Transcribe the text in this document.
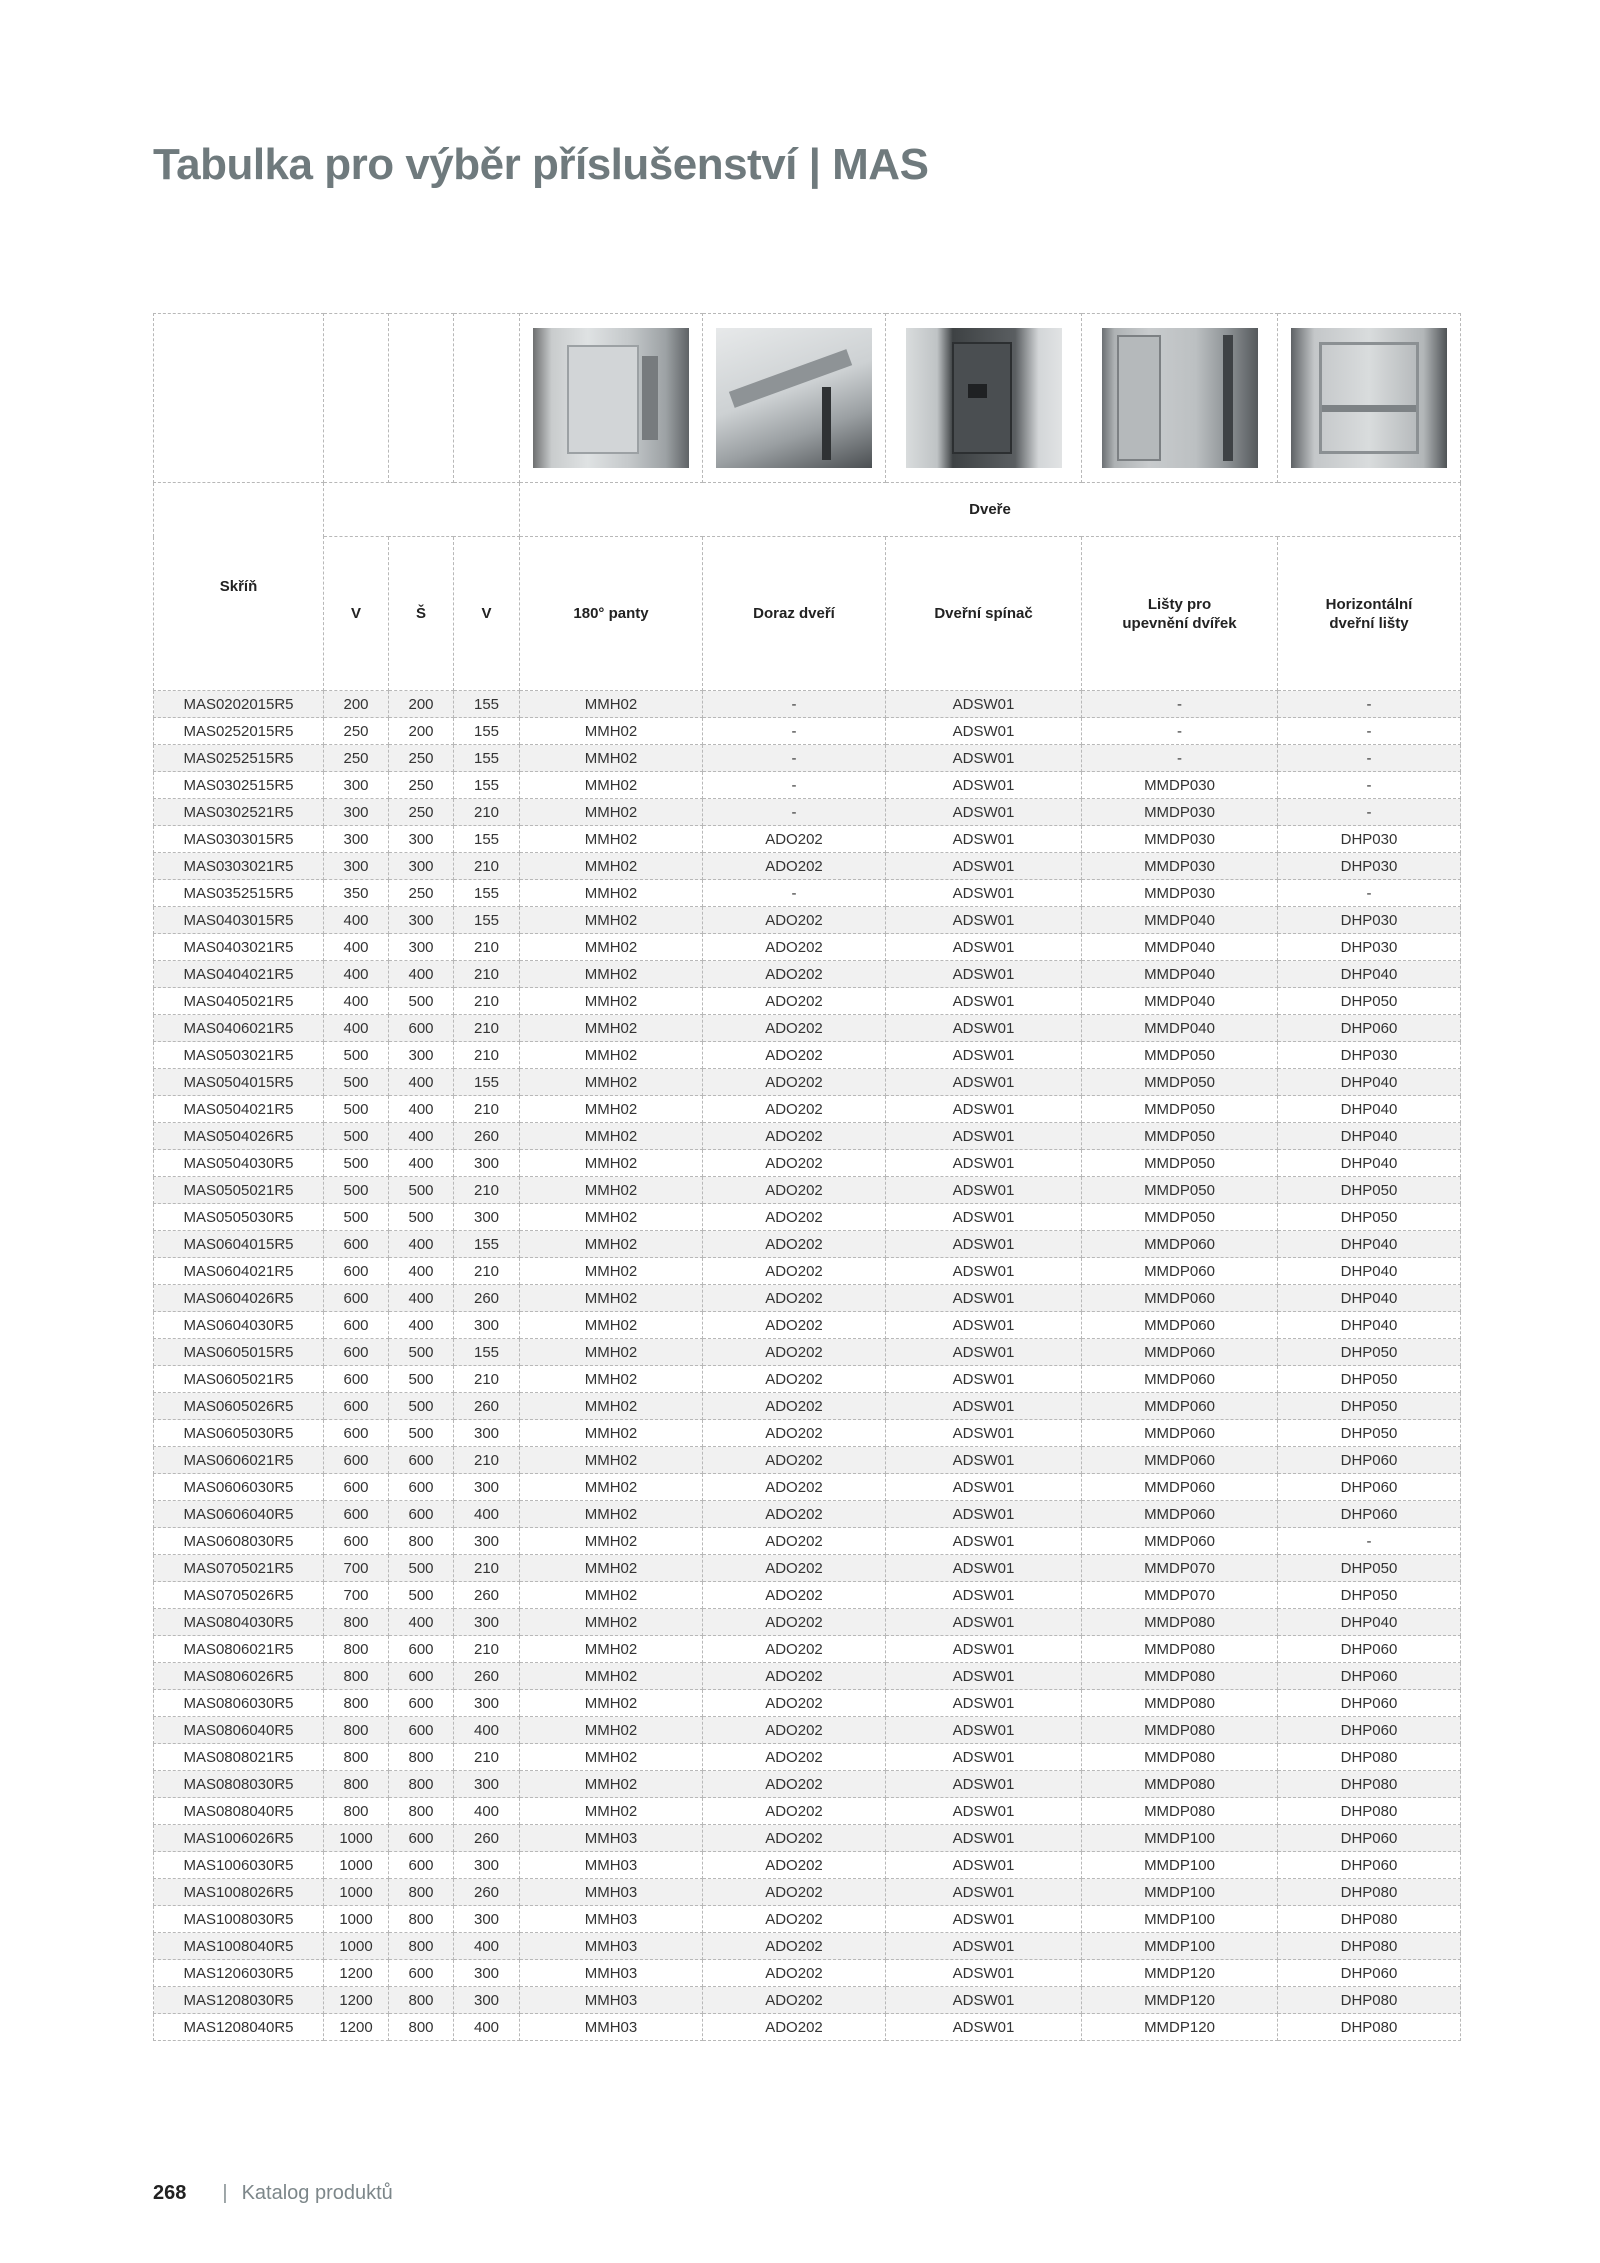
Tabulka pro výběr příslušenství | MAS

Skříň				Dveře				
	V	Š	V	180° panty	Doraz dveří	Dveřní spínač	Lišty pro
upevnění dvířek	Horizontální
dveřní lišty
MAS0202015R5	200	200	155	MMH02	-	ADSW01	-	-
MAS0252015R5	250	200	155	MMH02	-	ADSW01	-	-
MAS0252515R5	250	250	155	MMH02	-	ADSW01	-	-
MAS0302515R5	300	250	155	MMH02	-	ADSW01	MMDP030	-
MAS0302521R5	300	250	210	MMH02	-	ADSW01	MMDP030	-
MAS0303015R5	300	300	155	MMH02	ADO202	ADSW01	MMDP030	DHP030
MAS0303021R5	300	300	210	MMH02	ADO202	ADSW01	MMDP030	DHP030
MAS0352515R5	350	250	155	MMH02	-	ADSW01	MMDP030	-
MAS0403015R5	400	300	155	MMH02	ADO202	ADSW01	MMDP040	DHP030
MAS0403021R5	400	300	210	MMH02	ADO202	ADSW01	MMDP040	DHP030
MAS0404021R5	400	400	210	MMH02	ADO202	ADSW01	MMDP040	DHP040
MAS0405021R5	400	500	210	MMH02	ADO202	ADSW01	MMDP040	DHP050
MAS0406021R5	400	600	210	MMH02	ADO202	ADSW01	MMDP040	DHP060
MAS0503021R5	500	300	210	MMH02	ADO202	ADSW01	MMDP050	DHP030
MAS0504015R5	500	400	155	MMH02	ADO202	ADSW01	MMDP050	DHP040
MAS0504021R5	500	400	210	MMH02	ADO202	ADSW01	MMDP050	DHP040
MAS0504026R5	500	400	260	MMH02	ADO202	ADSW01	MMDP050	DHP040
MAS0504030R5	500	400	300	MMH02	ADO202	ADSW01	MMDP050	DHP040
MAS0505021R5	500	500	210	MMH02	ADO202	ADSW01	MMDP050	DHP050
MAS0505030R5	500	500	300	MMH02	ADO202	ADSW01	MMDP050	DHP050
MAS0604015R5	600	400	155	MMH02	ADO202	ADSW01	MMDP060	DHP040
MAS0604021R5	600	400	210	MMH02	ADO202	ADSW01	MMDP060	DHP040
MAS0604026R5	600	400	260	MMH02	ADO202	ADSW01	MMDP060	DHP040
MAS0604030R5	600	400	300	MMH02	ADO202	ADSW01	MMDP060	DHP040
MAS0605015R5	600	500	155	MMH02	ADO202	ADSW01	MMDP060	DHP050
MAS0605021R5	600	500	210	MMH02	ADO202	ADSW01	MMDP060	DHP050
MAS0605026R5	600	500	260	MMH02	ADO202	ADSW01	MMDP060	DHP050
MAS0605030R5	600	500	300	MMH02	ADO202	ADSW01	MMDP060	DHP050
MAS0606021R5	600	600	210	MMH02	ADO202	ADSW01	MMDP060	DHP060
MAS0606030R5	600	600	300	MMH02	ADO202	ADSW01	MMDP060	DHP060
MAS0606040R5	600	600	400	MMH02	ADO202	ADSW01	MMDP060	DHP060
MAS0608030R5	600	800	300	MMH02	ADO202	ADSW01	MMDP060	-
MAS0705021R5	700	500	210	MMH02	ADO202	ADSW01	MMDP070	DHP050
MAS0705026R5	700	500	260	MMH02	ADO202	ADSW01	MMDP070	DHP050
MAS0804030R5	800	400	300	MMH02	ADO202	ADSW01	MMDP080	DHP040
MAS0806021R5	800	600	210	MMH02	ADO202	ADSW01	MMDP080	DHP060
MAS0806026R5	800	600	260	MMH02	ADO202	ADSW01	MMDP080	DHP060
MAS0806030R5	800	600	300	MMH02	ADO202	ADSW01	MMDP080	DHP060
MAS0806040R5	800	600	400	MMH02	ADO202	ADSW01	MMDP080	DHP060
MAS0808021R5	800	800	210	MMH02	ADO202	ADSW01	MMDP080	DHP080
MAS0808030R5	800	800	300	MMH02	ADO202	ADSW01	MMDP080	DHP080
MAS0808040R5	800	800	400	MMH02	ADO202	ADSW01	MMDP080	DHP080
MAS1006026R5	1000	600	260	MMH03	ADO202	ADSW01	MMDP100	DHP060
MAS1006030R5	1000	600	300	MMH03	ADO202	ADSW01	MMDP100	DHP060
MAS1008026R5	1000	800	260	MMH03	ADO202	ADSW01	MMDP100	DHP080
MAS1008030R5	1000	800	300	MMH03	ADO202	ADSW01	MMDP100	DHP080
MAS1008040R5	1000	800	400	MMH03	ADO202	ADSW01	MMDP100	DHP080
MAS1206030R5	1200	600	300	MMH03	ADO202	ADSW01	MMDP120	DHP060
MAS1208030R5	1200	800	300	MMH03	ADO202	ADSW01	MMDP120	DHP080
MAS1208040R5	1200	800	400	MMH03	ADO202	ADSW01	MMDP120	DHP080
268 | Katalog produktů
